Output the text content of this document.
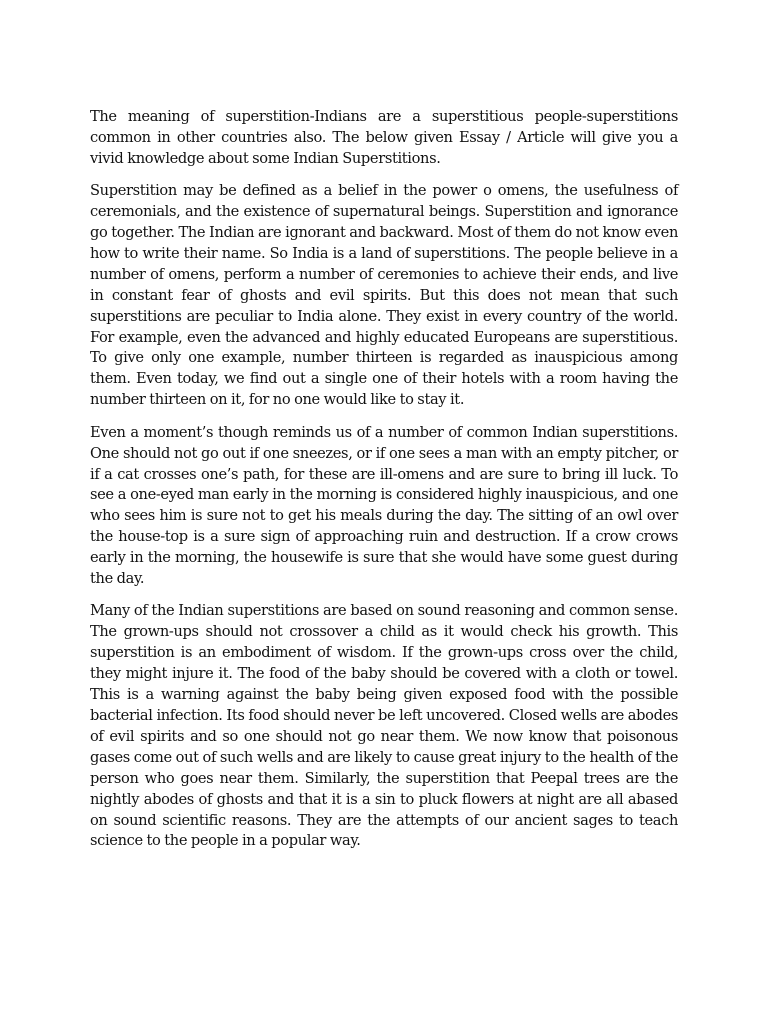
The meaning of superstition-Indians are a superstitious people-superstitions common in other countries also. The below given Essay / Article will give you a vivid knowledge about some Indian Superstitions.

Superstition may be defined as a belief in the power o omens, the usefulness of ceremonials, and the existence of supernatural beings. Superstition and ignorance go together. The Indian are ignorant and backward. Most of them do not know even how to write their name. So India is a land of superstitions. The people believe in a number of omens, perform a number of ceremonies to achieve their ends, and live in constant fear of ghosts and evil spirits. But this does not mean that such superstitions are peculiar to India alone. They exist in every country of the world. For example, even the advanced and highly educated Europeans are superstitious. To give only one example, number thirteen is regarded as inauspicious among them. Even today, we find out a single one of their hotels with a room having the number thirteen on it, for no one would like to stay it.

Even a moment’s though reminds us of a number of common Indian superstitions. One should not go out if one sneezes, or if one sees a man with an empty pitcher, or if a cat crosses one’s path, for these are ill-omens and are sure to bring ill luck. To see a one-eyed man early in the morning is considered highly inauspicious, and one who sees him is sure not to get his meals during the day. The sitting of an owl over the house-top is a sure sign of approaching ruin and destruction. If a crow crows early in the morning, the housewife is sure that she would have some guest during the day.

Many of the Indian superstitions are based on sound reasoning and common sense. The grown-ups should not crossover a child as it would check his growth. This superstition is an embodiment of wisdom. If the grown-ups cross over the child, they might injure it. The food of the baby should be covered with a cloth or towel. This is a warning against the baby being given exposed food with the possible bacterial infection. Its food should never be left uncovered. Closed wells are abodes of evil spirits and so one should not go near them. We now know that poisonous gases come out of such wells and are likely to cause great injury to the health of the person who goes near them. Similarly, the superstition that Peepal trees are the nightly abodes of ghosts and that it is a sin to pluck flowers at night are all abased on sound scientific reasons. They are the attempts of our ancient sages to teach science to the people in a popular way.
